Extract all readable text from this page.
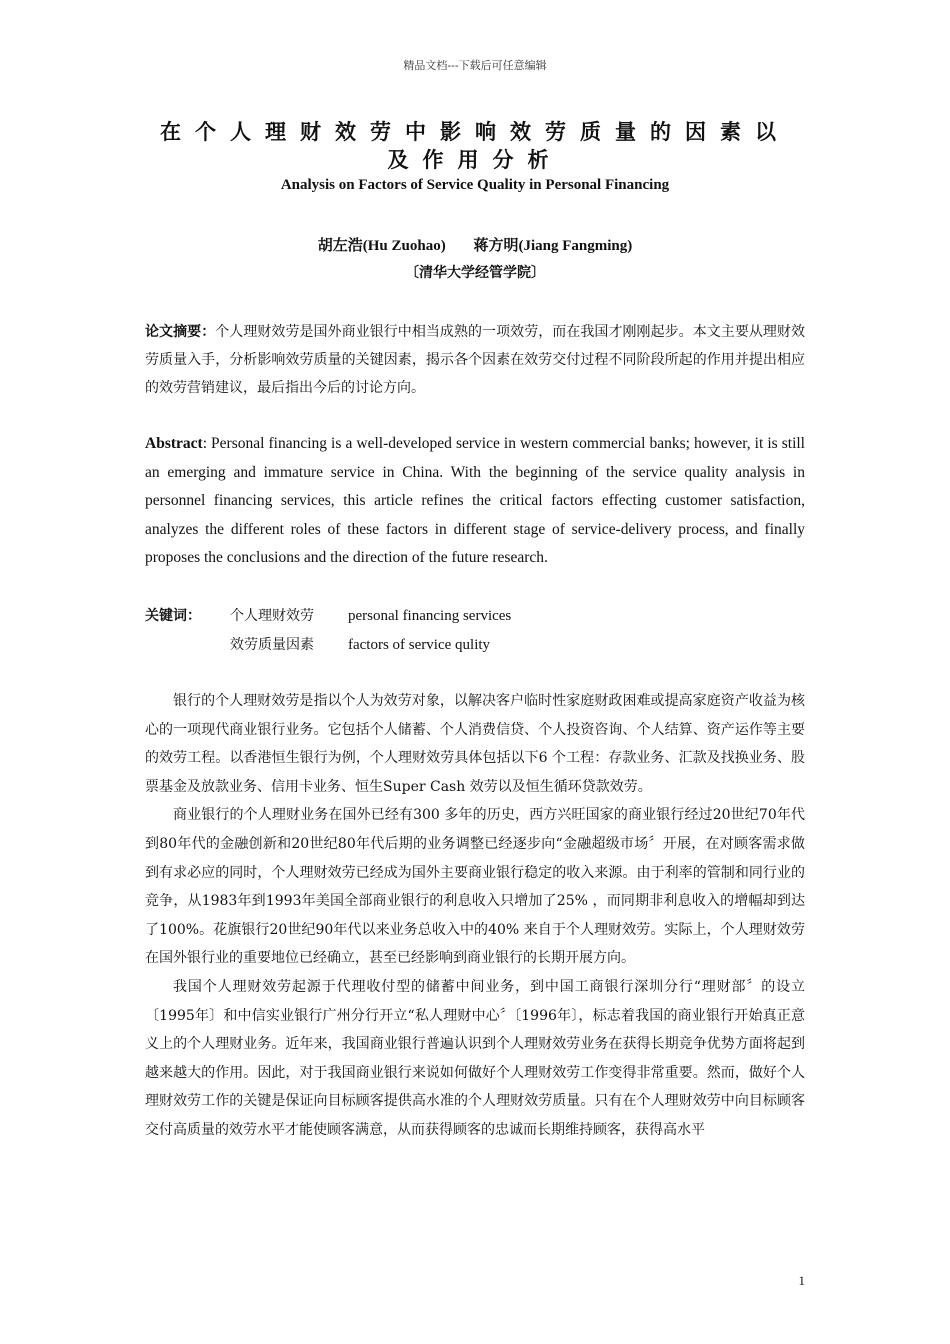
精品文档---下载后可任意编辑
在个人理财效劳中影响效劳质量的因素以及作用分析
Analysis on Factors of Service Quality in Personal Financing
胡左浩(Hu Zuohao) 蒋方明(Jiang Fangming)
〔清华大学经管学院〕
论文摘要：个人理财效劳是国外商业银行中相当成熟的一项效劳，而在我国才刚刚起步。本文主要从理财效劳质量入手，分析影响效劳质量的关键因素，揭示各个因素在效劳交付过程不同阶段所起的作用并提出相应的效劳营销建议，最后指出今后的讨论方向。
Abstract: Personal financing is a well-developed service in western commercial banks; however, it is still an emerging and immature service in China. With the beginning of the service quality analysis in personnel financing services, this article refines the critical factors effecting customer satisfaction, analyzes the different roles of these factors in different stage of service-delivery process, and finally proposes the conclusions and the direction of the future research.
关键词：	个人理财效劳	personal financing services
效劳质量因素	factors of service qulity

银行的个人理财效劳是指以个人为效劳对象，以解决客户临时性家庭财政困难或提高家庭资产收益为核心的一项现代商业银行业务。它包括个人储蓄、个人消费信贷、个人投资咨询、个人结算、资产运作等主要的效劳工程。以香港恒生银行为例，个人理财效劳具体包括以下6 个工程：存款业务、汇款及找换业务、股票基金及放款业务、信用卡业务、恒生Super Cash 效劳以及恒生循环贷款效劳。

商业银行的个人理财业务在国外已经有300 多年的历史，西方兴旺国家的商业银行经过20世纪70年代到80年代的金融创新和20世纪80年代后期的业务调整已经逐步向“金融超级市场〞开展，在对顾客需求做到有求必应的同时，个人理财效劳已经成为国外主要商业银行稳定的收入来源。由于利率的管制和同行业的竞争，从1983年到1993年美国全部商业银行的利息收入只增加了25% ，而同期非利息收入的增幅却到达了100%。花旗银行20世纪90年代以来业务总收入中的40% 来自于个人理财效劳。实际上，个人理财效劳在国外银行业的重要地位已经确立，甚至已经影响到商业银行的长期开展方向。

我国个人理财效劳起源于代理收付型的储蓄中间业务，到中国工商银行深圳分行“理财部〞的设立〔1995年〕和中信实业银行广州分行开立“私人理财中心〞〔1996年〕，标志着我国的商业银行开始真正意义上的个人理财业务。近年来，我国商业银行普遍认识到个人理财效劳业务在获得长期竞争优势方面将起到越来越大的作用。因此，对于我国商业银行来说如何做好个人理财效劳工作变得非常重要。然而，做好个人理财效劳工作的关键是保证向目标顾客提供高水准的个人理财效劳质量。只有在个人理财效劳中向目标顾客交付高质量的效劳水平才能使顾客满意，从而获得顾客的忠诚而长期维持顾客，获得高水平

1
